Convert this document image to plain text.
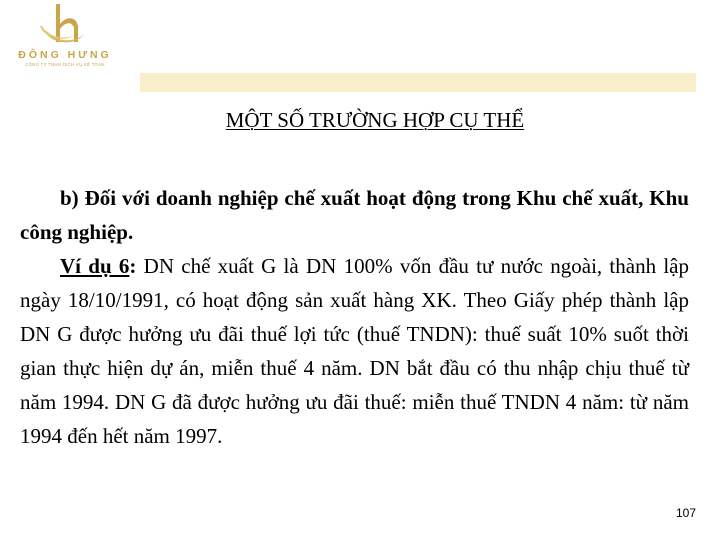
ĐÔNG HƯNG
CÔNG TY TNHH DỊCH VỤ KẾ TOÁN
MỘT SỐ TRƯỜNG HỢP CỤ THỂ

b) Đối với doanh nghiệp chế xuất hoạt động trong Khu chế xuất, Khu công nghiệp.

Ví dụ 6: DN chế xuất G là DN 100% vốn đầu tư nước ngoài, thành lập ngày 18/10/1991, có hoạt động sản xuất hàng XK. Theo Giấy phép thành lập DN G được hưởng ưu đãi thuế lợi tức (thuế TNDN): thuế suất 10% suốt thời gian thực hiện dự án, miễn thuế 4 năm. DN bắt đầu có thu nhập chịu thuế từ năm 1994. DN G đã được hưởng ưu đãi thuế: miễn thuế TNDN 4 năm: từ năm 1994 đến hết năm 1997.

107
